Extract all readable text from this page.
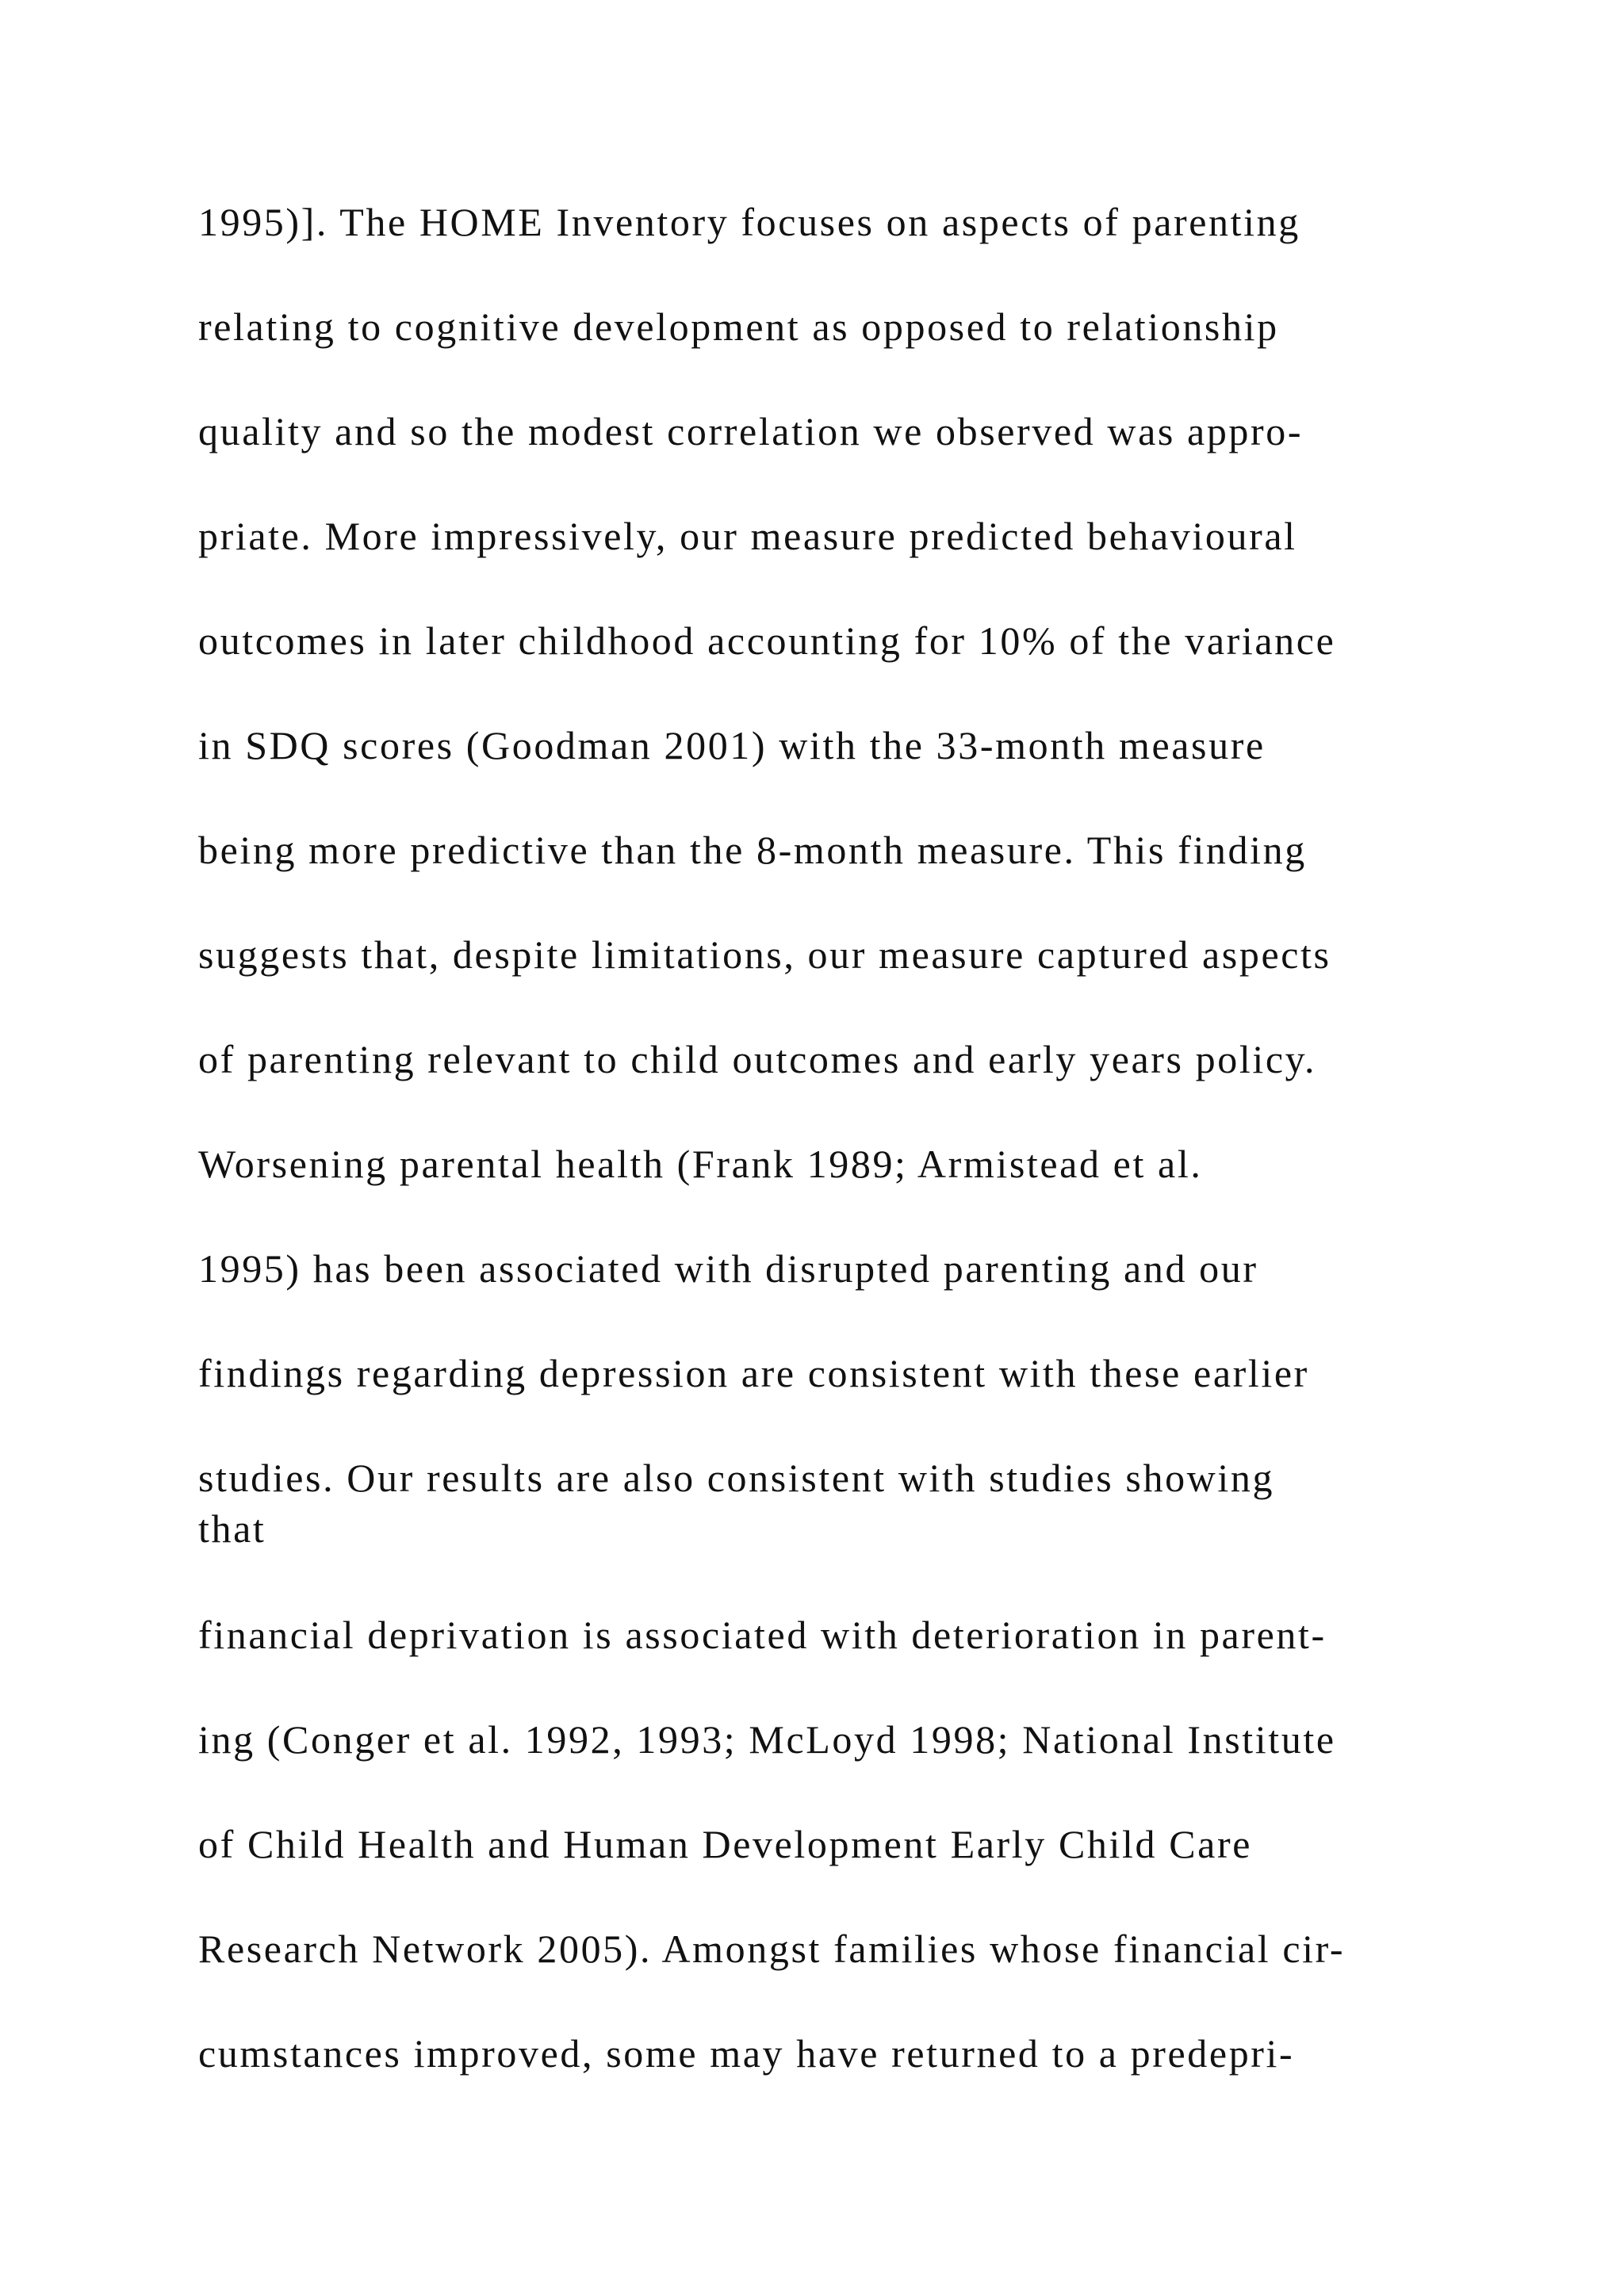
1995)]. The HOME Inventory focuses on aspects of parenting

relating to cognitive development as opposed to relationship

quality and so the modest correlation we observed was appro-

priate. More impressively, our measure predicted behavioural

outcomes in later childhood accounting for 10% of the variance

in SDQ scores (Goodman 2001) with the 33-month measure

being more predictive than the 8-month measure. This finding

suggests that, despite limitations, our measure captured aspects

of parenting relevant to child outcomes and early years policy.

Worsening parental health (Frank 1989; Armistead et al.

1995) has been associated with disrupted parenting and our

findings regarding depression are consistent with these earlier

studies. Our results are also consistent with studies showing

that

financial deprivation is associated with deterioration in parent-

ing (Conger et al. 1992, 1993; McLoyd 1998; National Institute

of Child Health and Human Development Early Child Care

Research Network 2005). Amongst families whose financial cir-

cumstances improved, some may have returned to a predepri-
